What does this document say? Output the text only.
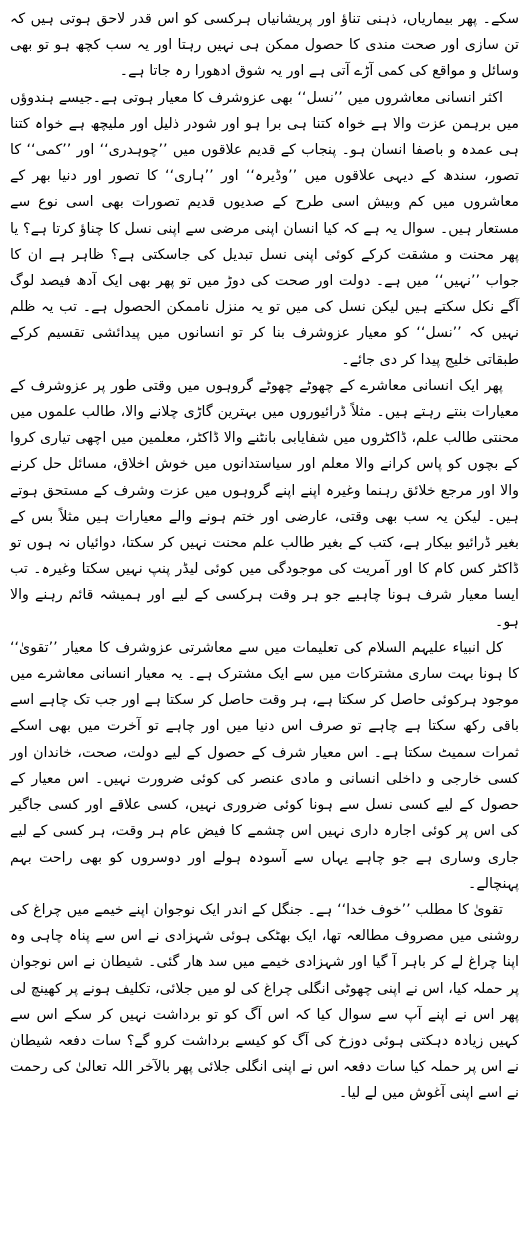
سکے۔ پھر بیماریاں، ذہنی تناؤ اور پریشانیاں ہرکسی کو اس قدر لاحق ہوتی ہیں کہ تن سازی اور صحت مندی کا حصول ممکن ہی نہیں رہتا اور یہ سب کچھ ہو تو بھی وسائل و مواقع کی کمی آڑے آتی ہے اور یہ شوق ادھورا رہ جاتا ہے۔

اکثر انسانی معاشروں میں ’’نسل‘‘ بھی عزوشرف کا معیار ہوتی ہے۔جیسے ہندوؤں میں برہمن عزت والا ہے خواہ کتنا ہی برا ہو اور شودر ذلیل اور ملیچھ ہے خواہ کتنا ہی عمدہ و باصفا انسان ہو۔ پنجاب کے قدیم علاقوں میں ’’چوہدری‘‘ اور ’’کمی‘‘ کا تصور، سندھ کے دیہی علاقوں میں ’’وڈیرہ‘‘ اور ’’ہاری‘‘ کا تصور اور دنیا بھر کے معاشروں میں کم وبیش اسی طرح کے صدیوں قدیم تصورات بھی اسی نوع سے مستعار ہیں۔ سوال یہ ہے کہ کیا انسان اپنی مرضی سے اپنی نسل کا چناؤ کرتا ہے؟ یا پھر محنت و مشقت کرکے کوئی اپنی نسل تبدیل کی جاسکتی ہے؟ ظاہر ہے ان کا جواب ’’نہیں‘‘ میں ہے۔ دولت اور صحت کی دوڑ میں تو پھر بھی ایک آدھ فیصد لوگ آگے نکل سکتے ہیں لیکن نسل کی میں تو یہ منزل ناممکن الحصول ہے۔ تب یہ ظلم نہیں کہ ’’نسل‘‘ کو معیار عزوشرف بنا کر تو انسانوں میں پیدائشی تقسیم کرکے طبقاتی خلیج پیدا کر دی جائے۔

پھر ایک انسانی معاشرے کے چھوٹے چھوٹے گروہوں میں وقتی طور پر عزوشرف کے معیارات بنتے رہتے ہیں۔ مثلاً ڈرائیوروں میں بہترین گاڑی چلانے والا، طالب علموں میں محنتی طالب علم، ڈاکٹروں میں شفایابی بانٹنے والا ڈاکٹر، معلمین میں اچھی تیاری کروا کے بچوں کو پاس کرانے والا معلم اور سیاستدانوں میں خوش اخلاق، مسائل حل کرنے والا اور مرجع خلائق رہنما وغیرہ اپنے اپنے گروہوں میں عزت وشرف کے مستحق ہوتے ہیں۔ لیکن یہ سب بھی وقتی، عارضی اور ختم ہونے والے معیارات ہیں مثلاً بس کے بغیر ڈرائیو بیکار ہے، کتب کے بغیر طالب علم محنت نہیں کر سکتا، دوائیاں نہ ہوں تو ڈاکٹر کس کام کا اور آمریت کی موجودگی میں کوئی لیڈر پنپ نہیں سکتا وغیرہ۔ تب ایسا معیار شرف ہونا چاہیے جو ہر وقت ہرکسی کے لیے اور ہمیشہ قائم رہنے والا ہو۔

کل انبیاء علیہم السلام کی تعلیمات میں سے معاشرتی عزوشرف کا معیار ’’تقویٰ‘‘ کا ہونا بہت ساری مشترکات میں سے ایک مشترک ہے۔ یہ معیار انسانی معاشرے میں موجود ہرکوئی حاصل کر سکتا ہے، ہر وقت حاصل کر سکتا ہے اور جب تک چاہے اسے باقی رکھ سکتا ہے چاہے تو صرف اس دنیا میں اور چاہے تو آخرت میں بھی اسکے ثمرات سمیٹ سکتا ہے۔ اس معیار شرف کے حصول کے لیے دولت، صحت، خاندان اور کسی خارجی و داخلی انسانی و مادی عنصر کی کوئی ضرورت نہیں۔ اس معیار کے حصول کے لیے کسی نسل سے ہونا کوئی ضروری نہیں، کسی علاقے اور کسی جاگیر کی اس پر کوئی اجارہ داری نہیں اس چشمے کا فیض عام ہر وقت، ہر کسی کے لیے جاری وساری ہے جو چاہے یہاں سے آسودہ ہولے اور دوسروں کو بھی راحت بہم پہنچالے۔

تقویٰ کا مطلب ’’خوف خدا‘‘ ہے۔ جنگل کے اندر ایک نوجوان اپنے خیمے میں چراغ کی روشنی میں مصروف مطالعہ تھا، ایک بھٹکی ہوئی شہزادی نے اس سے پناہ چاہی وہ اپنا چراغ لے کر باہر آ گیا اور شہزادی خیمے میں سد ھار گئی۔ شیطان نے اس نوجوان پر حملہ کیا، اس نے اپنی چھوٹی انگلی چراغ کی لو میں جلائی، تکلیف ہونے پر کھینچ لی پھر اس نے اپنے آپ سے سوال کیا کہ اس آگ کو تو برداشت نہیں کر سکے اس سے کہیں زیادہ دہکتی ہوئی دوزخ کی آگ کو کیسے برداشت کرو گے؟ سات دفعہ شیطان نے اس پر حملہ کیا سات دفعہ اس نے اپنی انگلی جلائی پھر بالآخر اللہ تعالیٰ کی رحمت نے اسے اپنی آغوش میں لے لیا۔
